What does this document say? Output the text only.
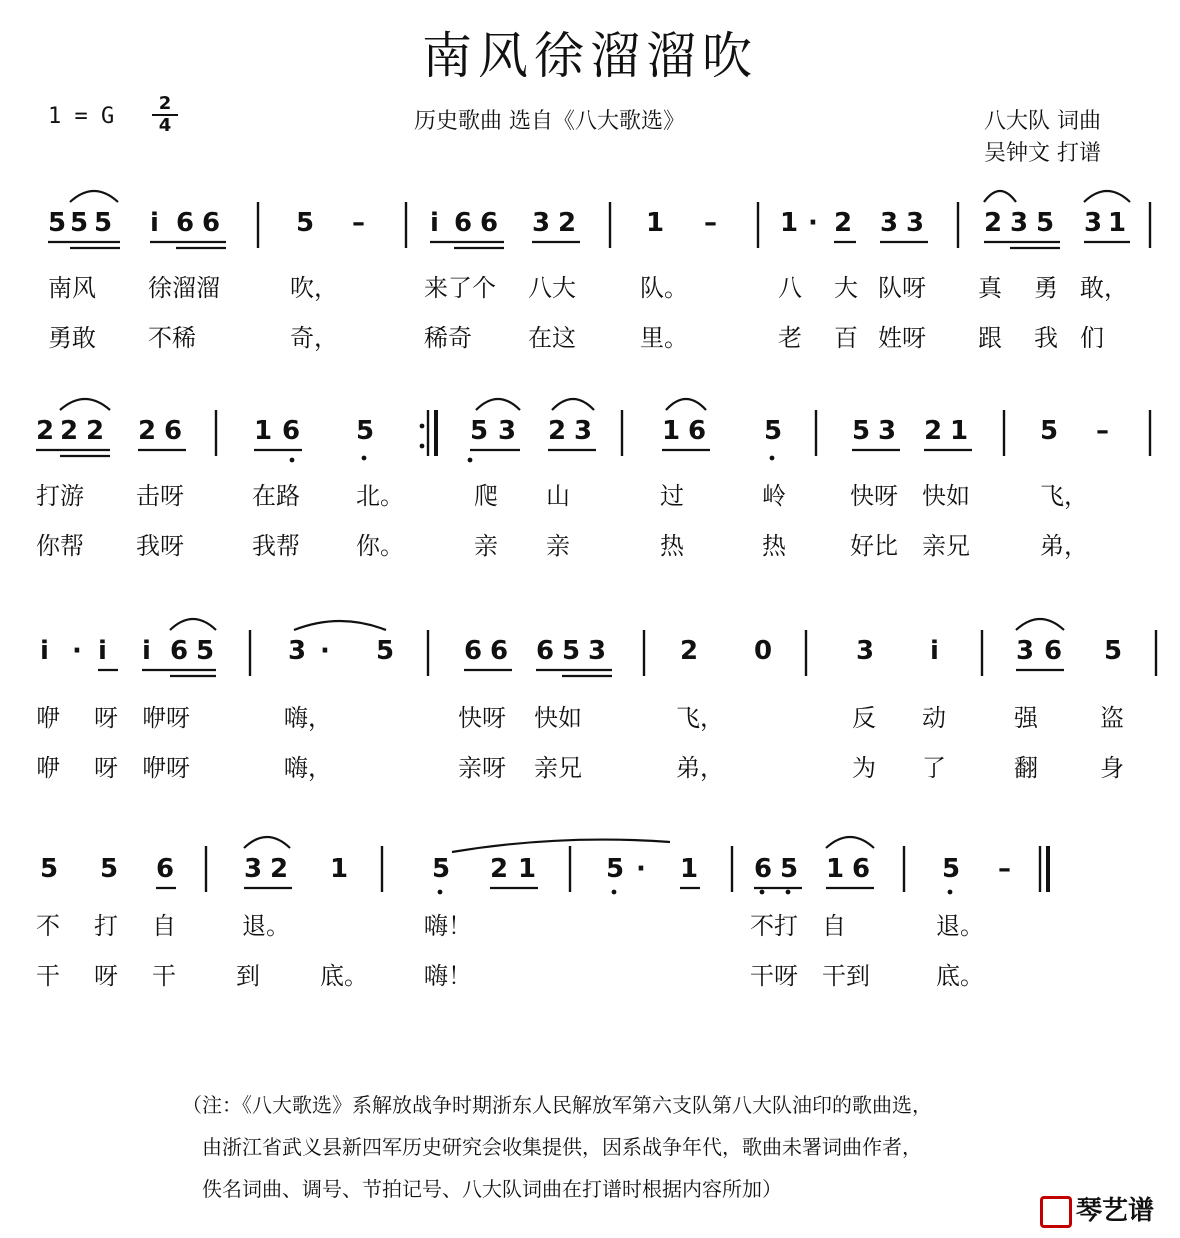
南风徐溜溜吹
1 = G $\frac{2}{4}$	历史歌曲 选自《八大歌选》	八大队 词曲
吴钟文 打谱
5 5 5 i 6 6	5 –	i 6 6 3 2	1 – 1 · 2 3 3 2 3 5 3 1
2 2 2 2 6	1 6 5	5 3 2 3	1 6 5	5 3 2 1	5 –
i · i i 6 5	3 · 5	6 6 6 5 3	2 0	3 i	3 6 5
5 5 6	3 2 1	5 2 1	5 · 1 6 5 1 6	5 –
南风 徐溜溜	吹，	来了个 八大	队。	八 大 队呀 真 勇 敢，
勇敢 不稀	奇，	稀奇 在这	里。	老 百 姓呀 跟 我 们
打游 击呀	在路 北。	爬 山	过	岭	快呀 快如	飞，
你帮 我呀	我帮 你。	亲 亲	热	热	好比 亲兄	弟，
咿 呀 咿呀	嗨，	快呀 快如	飞，	反 动	强	盗
咿 呀 咿呀	嗨，	亲呀 亲兄	弟，	为 了	翻	身
不 打 自	退。	嗨！	不打 自	退。
干 呀 干	到	底。 嗨！	干呀 干到	底。
（注：《八大歌选》系解放战争时期浙东人民解放军第六支队第八大队油印的歌曲选，
由浙江省武义县新四军历史研究会收集提供，因系战争年代，歌曲未署词曲作者，
佚名词曲、调号、节拍记号、八大队词曲在打谱时根据内容所加）
琴艺谱
